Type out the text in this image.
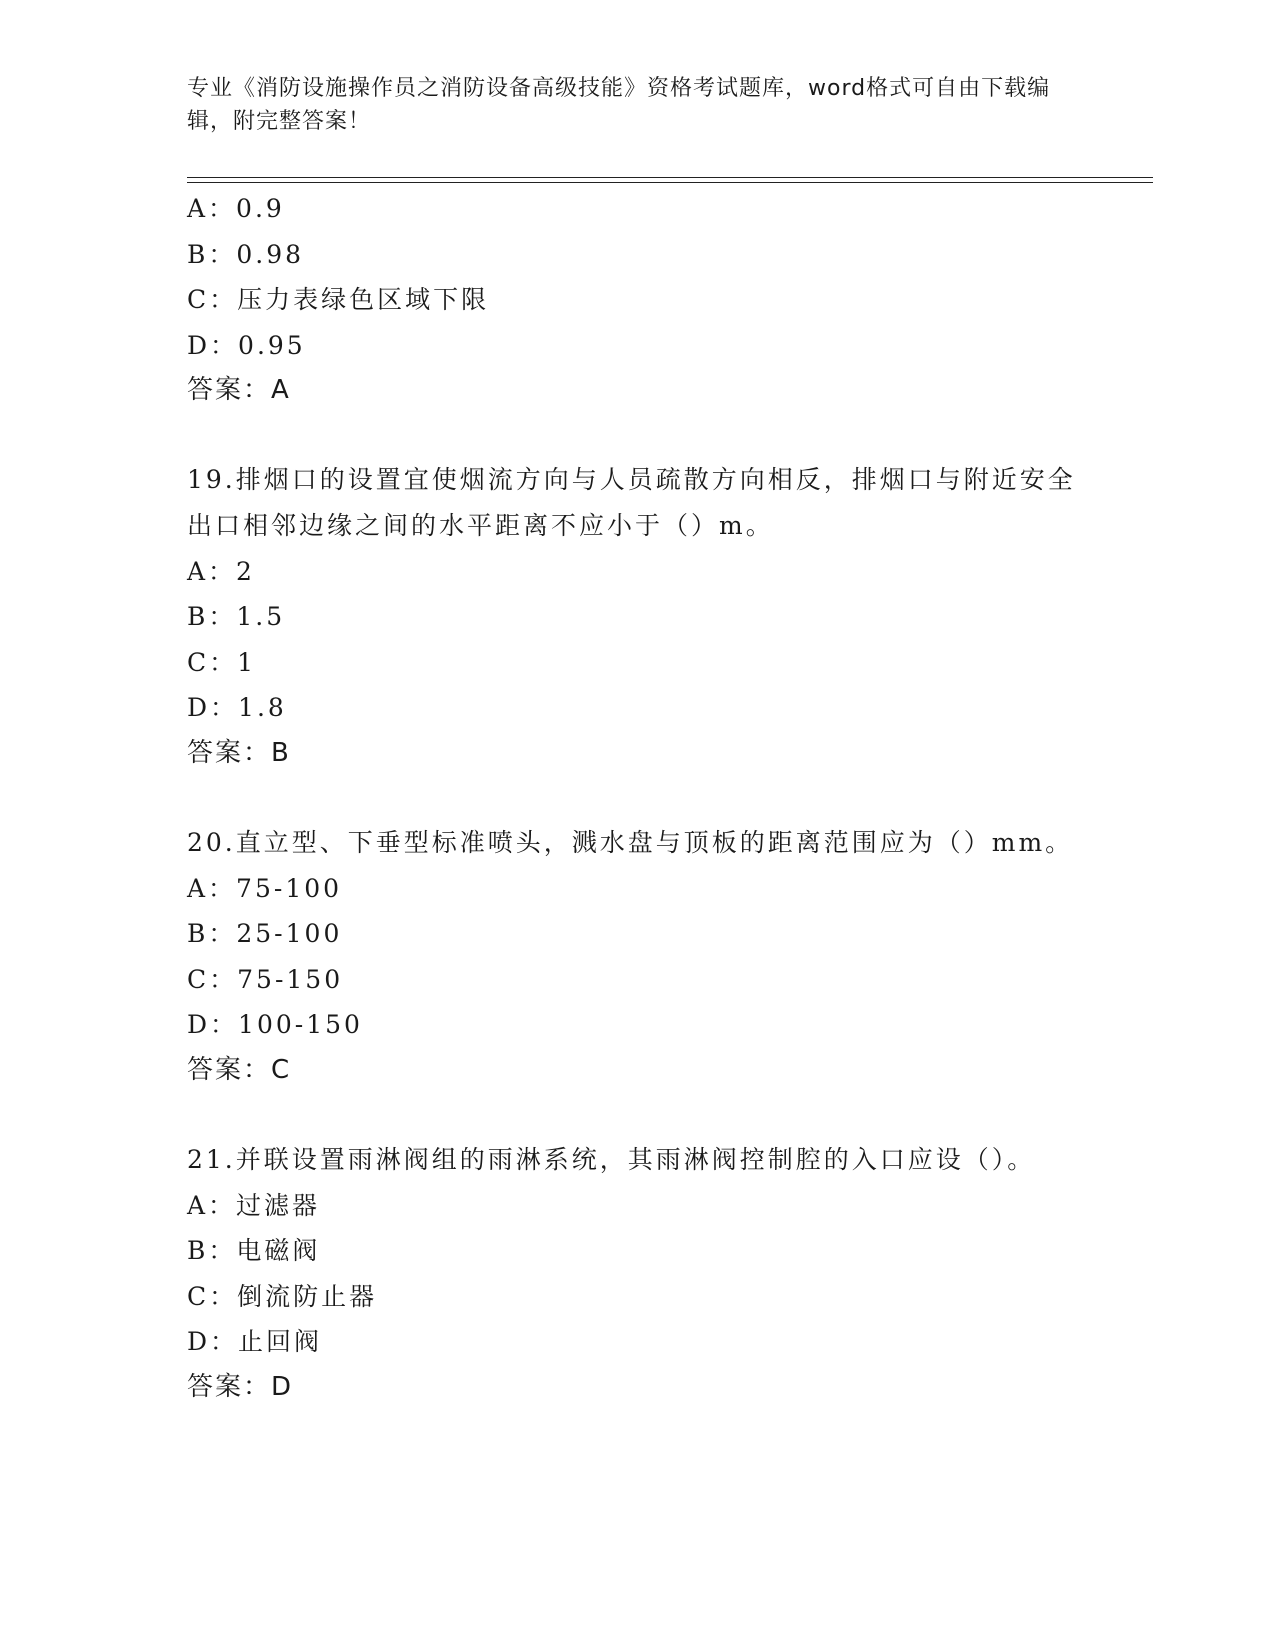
专业《消防设施操作员之消防设备高级技能》资格考试题库，word格式可自由下载编辑，附完整答案！
A：0.9
B：0.98
C：压力表绿色区域下限
D：0.95
答案：A
19.排烟口的设置宜使烟流方向与人员疏散方向相反，排烟口与附近安全出口相邻边缘之间的水平距离不应小于（）m。
A：2
B：1.5
C：1
D：1.8
答案：B
20.直立型、下垂型标准喷头，溅水盘与顶板的距离范围应为（）mm。
A：75-100
B：25-100
C：75-150
D：100-150
答案：C
21.并联设置雨淋阀组的雨淋系统，其雨淋阀控制腔的入口应设（）。
A：过滤器
B：电磁阀
C：倒流防止器
D：止回阀
答案：D
